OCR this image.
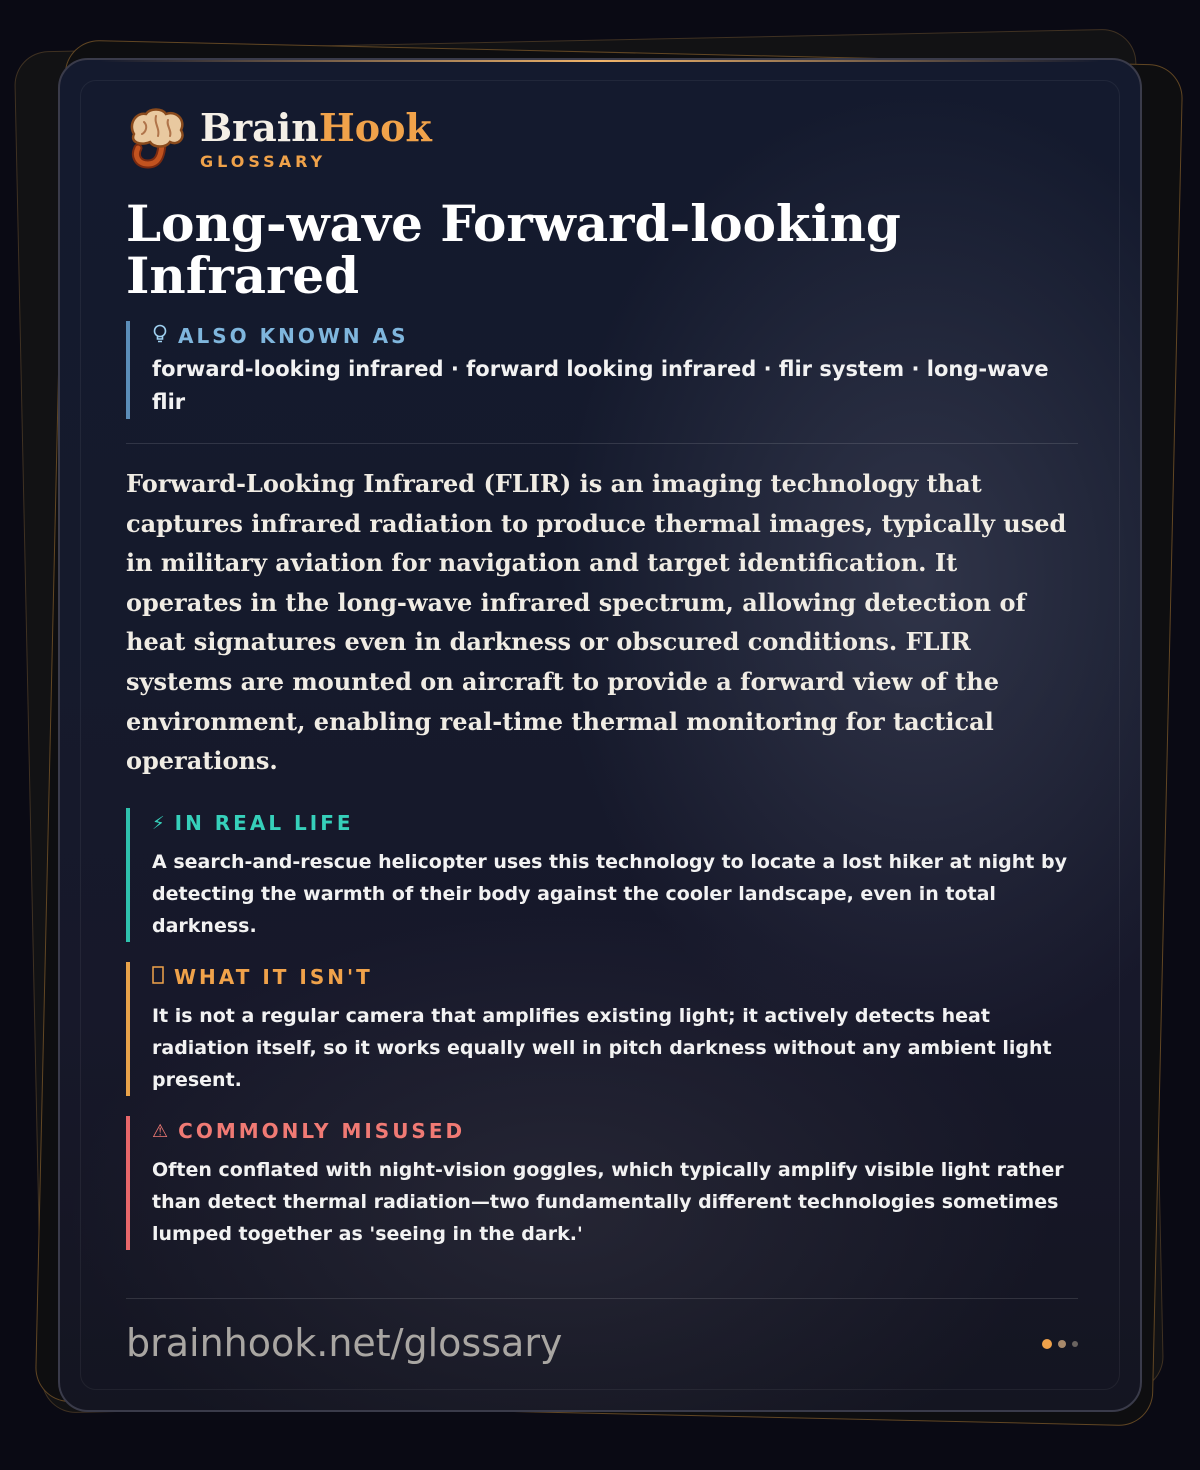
BrainHook
GLOSSARY
Long-wave Forward-looking Infrared
ALSO KNOWN AS
forward-looking infrared · forward looking infrared · flir system · long-wave flir
Forward-Looking Infrared (FLIR) is an imaging technology that captures infrared radiation to produce thermal images, typically used in military aviation for navigation and target identification. It operates in the long-wave infrared spectrum, allowing detection of heat signatures even in darkness or obscured conditions. FLIR systems are mounted on aircraft to provide a forward view of the environment, enabling real-time thermal monitoring for tactical operations.
⚡ IN REAL LIFE
A search-and-rescue helicopter uses this technology to locate a lost hiker at night by detecting the warmth of their body against the cooler landscape, even in total darkness.
WHAT IT ISN'T
It is not a regular camera that amplifies existing light; it actively detects heat radiation itself, so it works equally well in pitch darkness without any ambient light present.
⚠ COMMONLY MISUSED
Often conflated with night-vision goggles, which typically amplify visible light rather than detect thermal radiation—two fundamentally different technologies sometimes lumped together as 'seeing in the dark.'
brainhook.net/glossary
